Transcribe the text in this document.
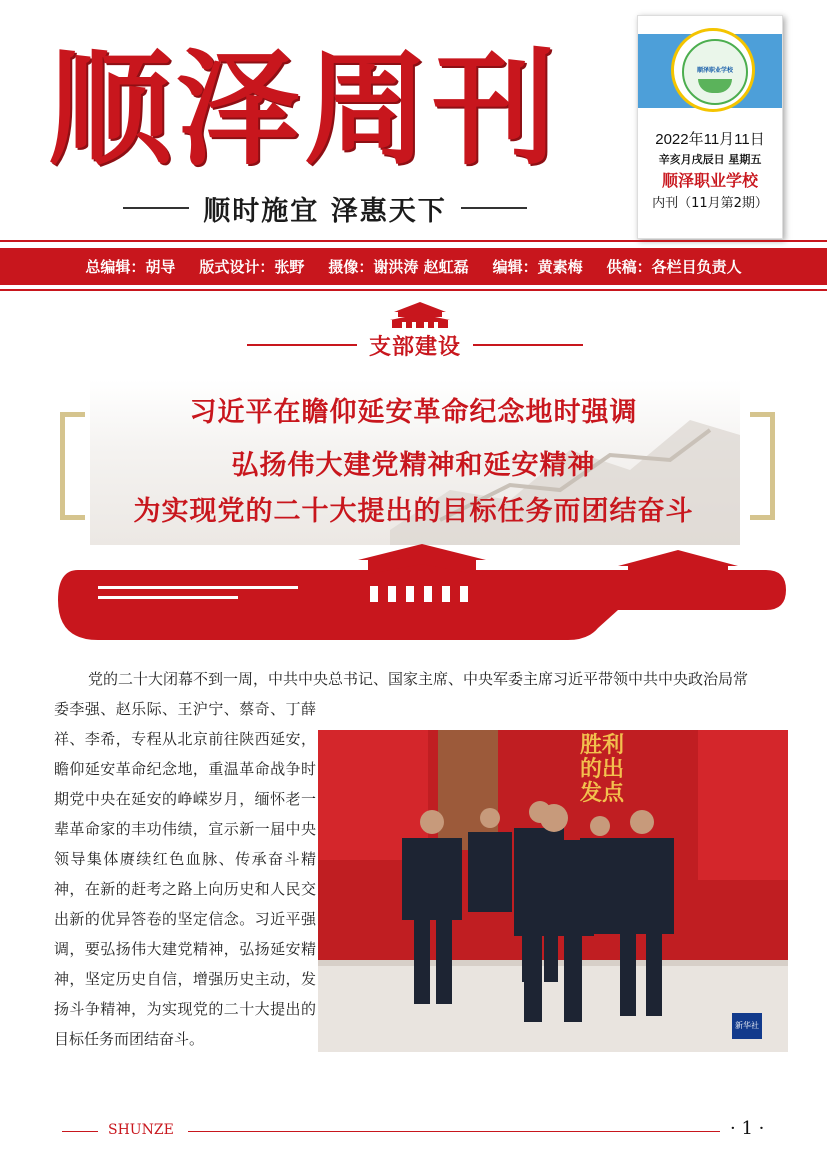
顺泽周刊
顺时施宜 泽惠天下
顺泽职业学校
2022年11月11日
辛亥月戌辰日 星期五
顺泽职业学校
内刊（11月第2期）
总编辑：胡导 版式设计：张野 摄像：谢洪涛 赵虹磊 编辑：黄素梅 供稿：各栏目负责人
支部建设
习近平在瞻仰延安革命纪念地时强调
弘扬伟大建党精神和延安精神
为实现党的二十大提出的目标任务而团结奋斗

党的二十大闭幕不到一周，中共中央总书记、国家主席、中央军委主席习近平带领中共中央政治局常

委李强、赵乐际、王沪宁、蔡奇、丁薛祥、李希，专程从北京前往陕西延安，瞻仰延安革命纪念地，重温革命战争时期党中央在延安的峥嵘岁月，缅怀老一辈革命家的丰功伟绩，宣示新一届中央领导集体赓续红色血脉、传承奋斗精神，在新的赶考之路上向历史和人民交出新的优异答卷的坚定信念。习近平强调，要弘扬伟大建党精神，弘扬延安精神，坚定历史自信，增强历史主动，发扬斗争精神，为实现党的二十大提出的目标任务而团结奋斗。

胜利的出发点
新华社
SHUNZE	· 1 ·
